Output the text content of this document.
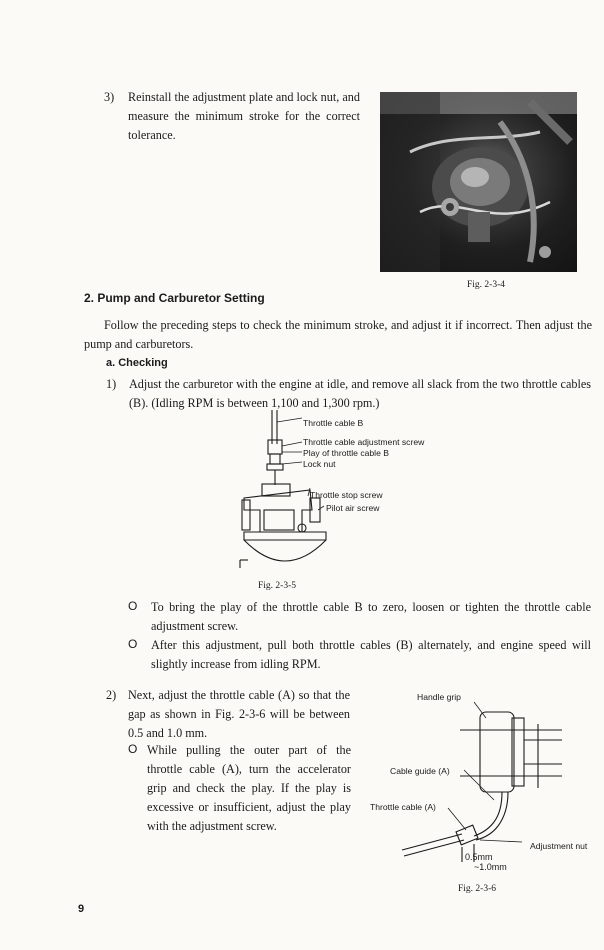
3)	Reinstall the adjustment plate and lock nut, and measure the minimum stroke for the correct tolerance.
Fig. 2-3-4
2. Pump and Carburetor Setting
Follow the preceding steps to check the minimum stroke, and adjust it if incorrect. Then adjust the pump and carburetors.
a. Checking
1)	Adjust the carburetor with the engine at idle, and remove all slack from the two throttle cables (B). (Idling RPM is between 1,100 and 1,300 rpm.)
Throttle cable B
Throttle cable adjustment screw
Play of throttle cable B
Lock nut
Throttle stop screw
Pilot air screw
Fig. 2-3-5
O To bring the play of the throttle cable B to zero, loosen or tighten the throttle cable adjustment screw.
O After this adjustment, pull both throttle cables (B) alternately, and engine speed will slightly increase from idling RPM.
2) Next, adjust the throttle cable (A) so that the gap as shown in Fig. 2-3-6 will be between 0.5 and 1.0 mm.
O While pulling the outer part of the throttle cable (A), turn the accelerator grip and check the play. If the play is excessive or insufficient, adjust the play with the adjustment screw.
Handle grip
Cable guide (A)
Throttle cable (A)
Adjustment nut
0.5mm
~1.0mm
Fig. 2-3-6
9
